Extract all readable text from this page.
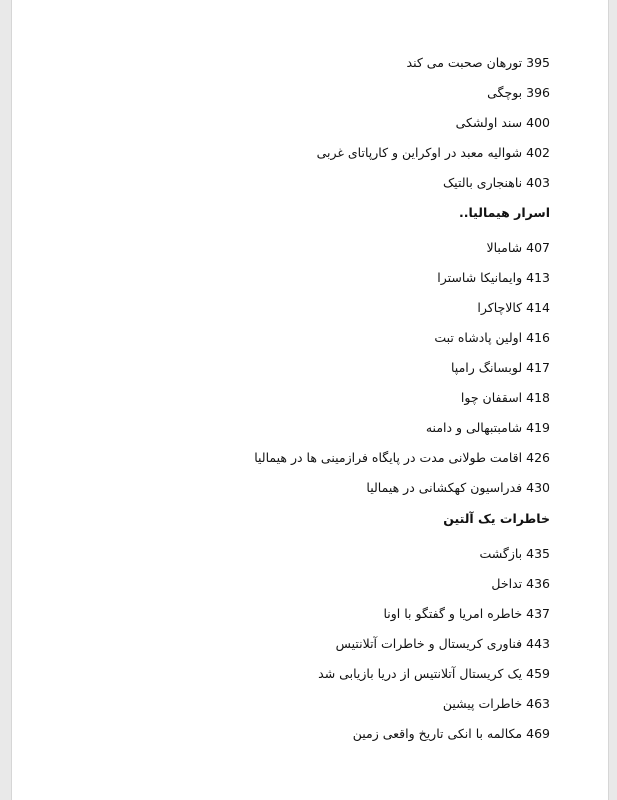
395تورهان صحبت می کند
396بوچگی
400سند اولشکی
402شوالیه معبد در اوکراین و کارپاتای غربی
403ناهنجاری بالتیک
اسرار هیمالیا..
407شامبالا
413وایمانیکا شاسترا
414کالاچاکرا
416اولین پادشاه تبت
417لوبسانگ رامپا
418اسقفان چوا
419شامبتبهالی و دامنه
426اقامت طولانی مدت در پایگاه فرازمینی ها در هیمالیا
430فدراسیون کهکشانی در هیمالیا
خاطرات یک آلتین
435بازگشت
436تداخل
437خاطره امریا و گفتگو با اونا
443فناوری کریستال و خاطرات آتلانتیس
459یک کریستال آتلانتیس از دریا بازیابی شد
463خاطرات پیشین
469مکالمه با انکی تاریخ واقعی زمین
